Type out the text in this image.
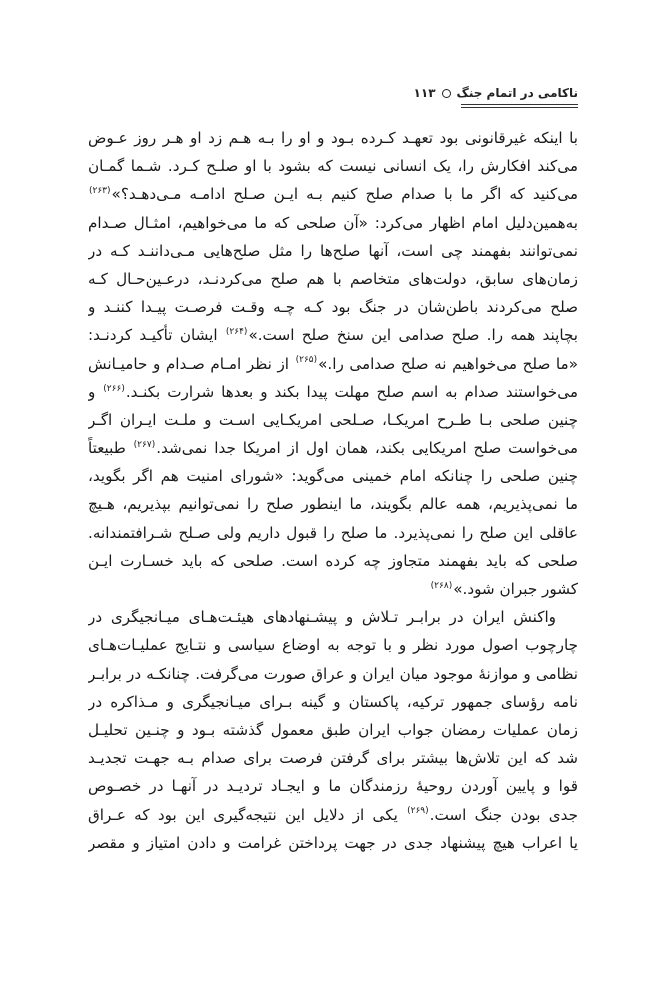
ناکامی در اتمام جنگ
۱۱۳
با اینکه غیرقانونی بود تعهـد کـرده بـود و او را بـه هـم زد او هـر روز عـوض
می‌کند افکارش را، یک انسانی نیست که بشود با او صلـح کـرد. شـما گمـان
می‌کنید که اگر ما با صدام صلح کنیم بـه ایـن صـلح ادامـه مـی‌دهـد؟»$^{(۲۶۳)}$
به‌همین‌دلیل امام اظهار می‌کرد: «آن صلحی که ما می‌خواهیم، امثـال صـدام
نمی‌توانند بفهمند چی است، آنها صلح‌ها را مثل صلح‌هایی مـی‌داننـد کـه در
زمان‌های سابق، دولت‌های متخاصم با هم صلح می‌کردنـد، درعـین‌حـال کـه
صلح می‌کردند باطن‌شان در جنگ بود کـه چـه وقـت فرصـت پیـدا کننـد و
بچاپند همه را. صلح صدامی این سنخ صلح است.»$^{(۲۶۴)}$ ایشان تأکیـد کردنـد:
«ما صلح می‌خواهیم نه صلح صدامی را.»$^{(۲۶۵)}$ از نظر امـام صـدام و حامیـانش
می‌خواستند صدام به اسم صلح مهلت پیدا بکند و بعدها شرارت بکنـد.$^{(۲۶۶)}$ و
چنین صلحی بـا طـرح امریکـا، صـلحی امریکـایی اسـت و ملـت ایـران اگـر
می‌خواست صلح امریکایی بکند، همان اول از امریکا جدا نمی‌شد.$^{(۲۶۷)}$ طبیعتاً
چنین صلحی را چنانکه امام خمینی می‌گوید: «شورای امنیت هم اگر بگوید،
ما نمی‌پذیریم، همه عالم بگویند، ما اینطور صلح را نمی‌توانیم بپذیریم، هـیچ
عاقلی این صلح را نمی‌پذیرد. ما صلح را قبول داریم ولی صـلح شـرافتمندانه.
صلحی که باید بفهمند متجاوز چه کرده است. صلحی که باید خسـارت ایـن
کشور جبران شود.»$^{(۲۶۸)}$
واکنش ایران در برابـر تـلاش و پیشـنهادهای هیئـت‌هـای میـانجیگری در
چارچوب اصول مورد نظر و با توجه به اوضاع سیاسی و نتـایج عملیـات‌هـای
نظامی و موازنهٔ موجود میان ایران و عراق صورت می‌گرفت. چنانکـه در برابـر
نامه رؤسای جمهور ترکیه، پاکستان و گینه بـرای میـانجیگری و مـذاکره در
زمان عملیات رمضان جواب ایران طبق معمول گذشته بـود و چنـین تحلیـل
شد که این تلاش‌ها بیشتر برای گرفتن فرصت برای صدام بـه جهـت تجدیـد
قوا و پایین آوردن روحیهٔ رزمندگان ما و ایجـاد تردیـد در آنهـا در خصـوص
جدی بودن جنگ است.$^{(۲۶۹)}$ یکی از دلایل این نتیجه‌گیری این بود که عـراق
یا اعراب هیچ پیشنهاد جدی در جهت پرداختن غرامت و دادن امتیاز و مقصر
